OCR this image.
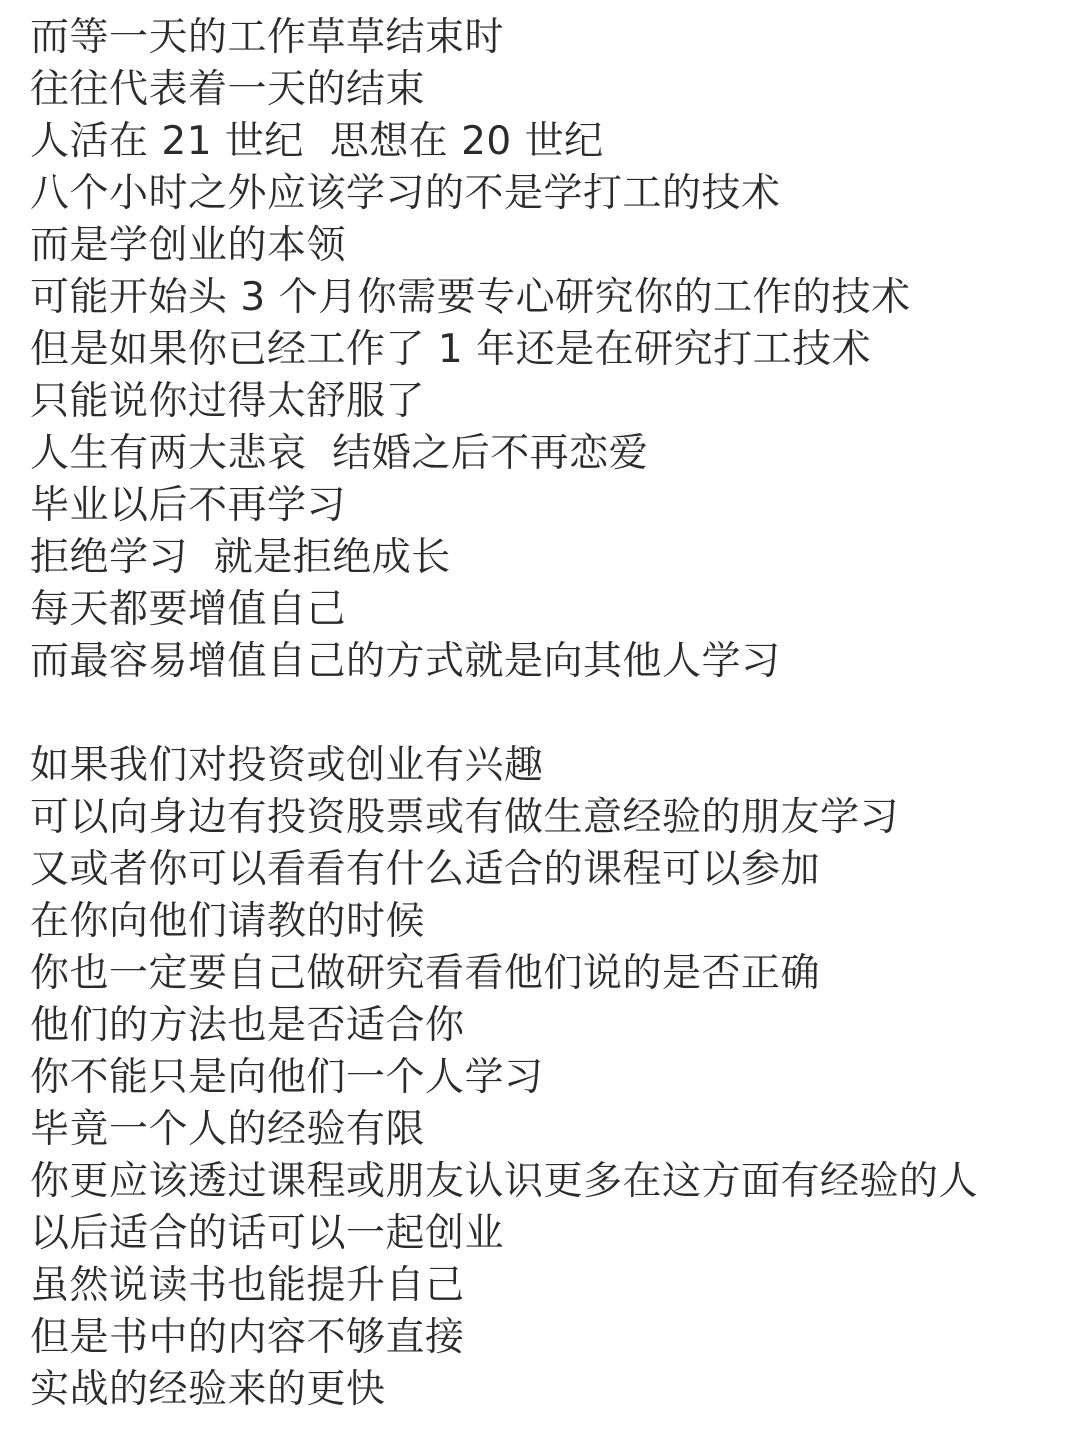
而等一天的工作草草结束时
往往代表着一天的结束
人活在 21 世纪  思想在 20 世纪
八个小时之外应该学习的不是学打工的技术
而是学创业的本领
可能开始头 3 个月你需要专心研究你的工作的技术
但是如果你已经工作了 1 年还是在研究打工技术
只能说你过得太舒服了
人生有两大悲哀  结婚之后不再恋爱
毕业以后不再学习
拒绝学习  就是拒绝成长
每天都要增值自己
而最容易增值自己的方式就是向其他人学习
如果我们对投资或创业有兴趣
可以向身边有投资股票或有做生意经验的朋友学习
又或者你可以看看有什么适合的课程可以参加
在你向他们请教的时候
你也一定要自己做研究看看他们说的是否正确
他们的方法也是否适合你
你不能只是向他们一个人学习
毕竟一个人的经验有限
你更应该透过课程或朋友认识更多在这方面有经验的人
以后适合的话可以一起创业
虽然说读书也能提升自己
但是书中的内容不够直接
实战的经验来的更快
